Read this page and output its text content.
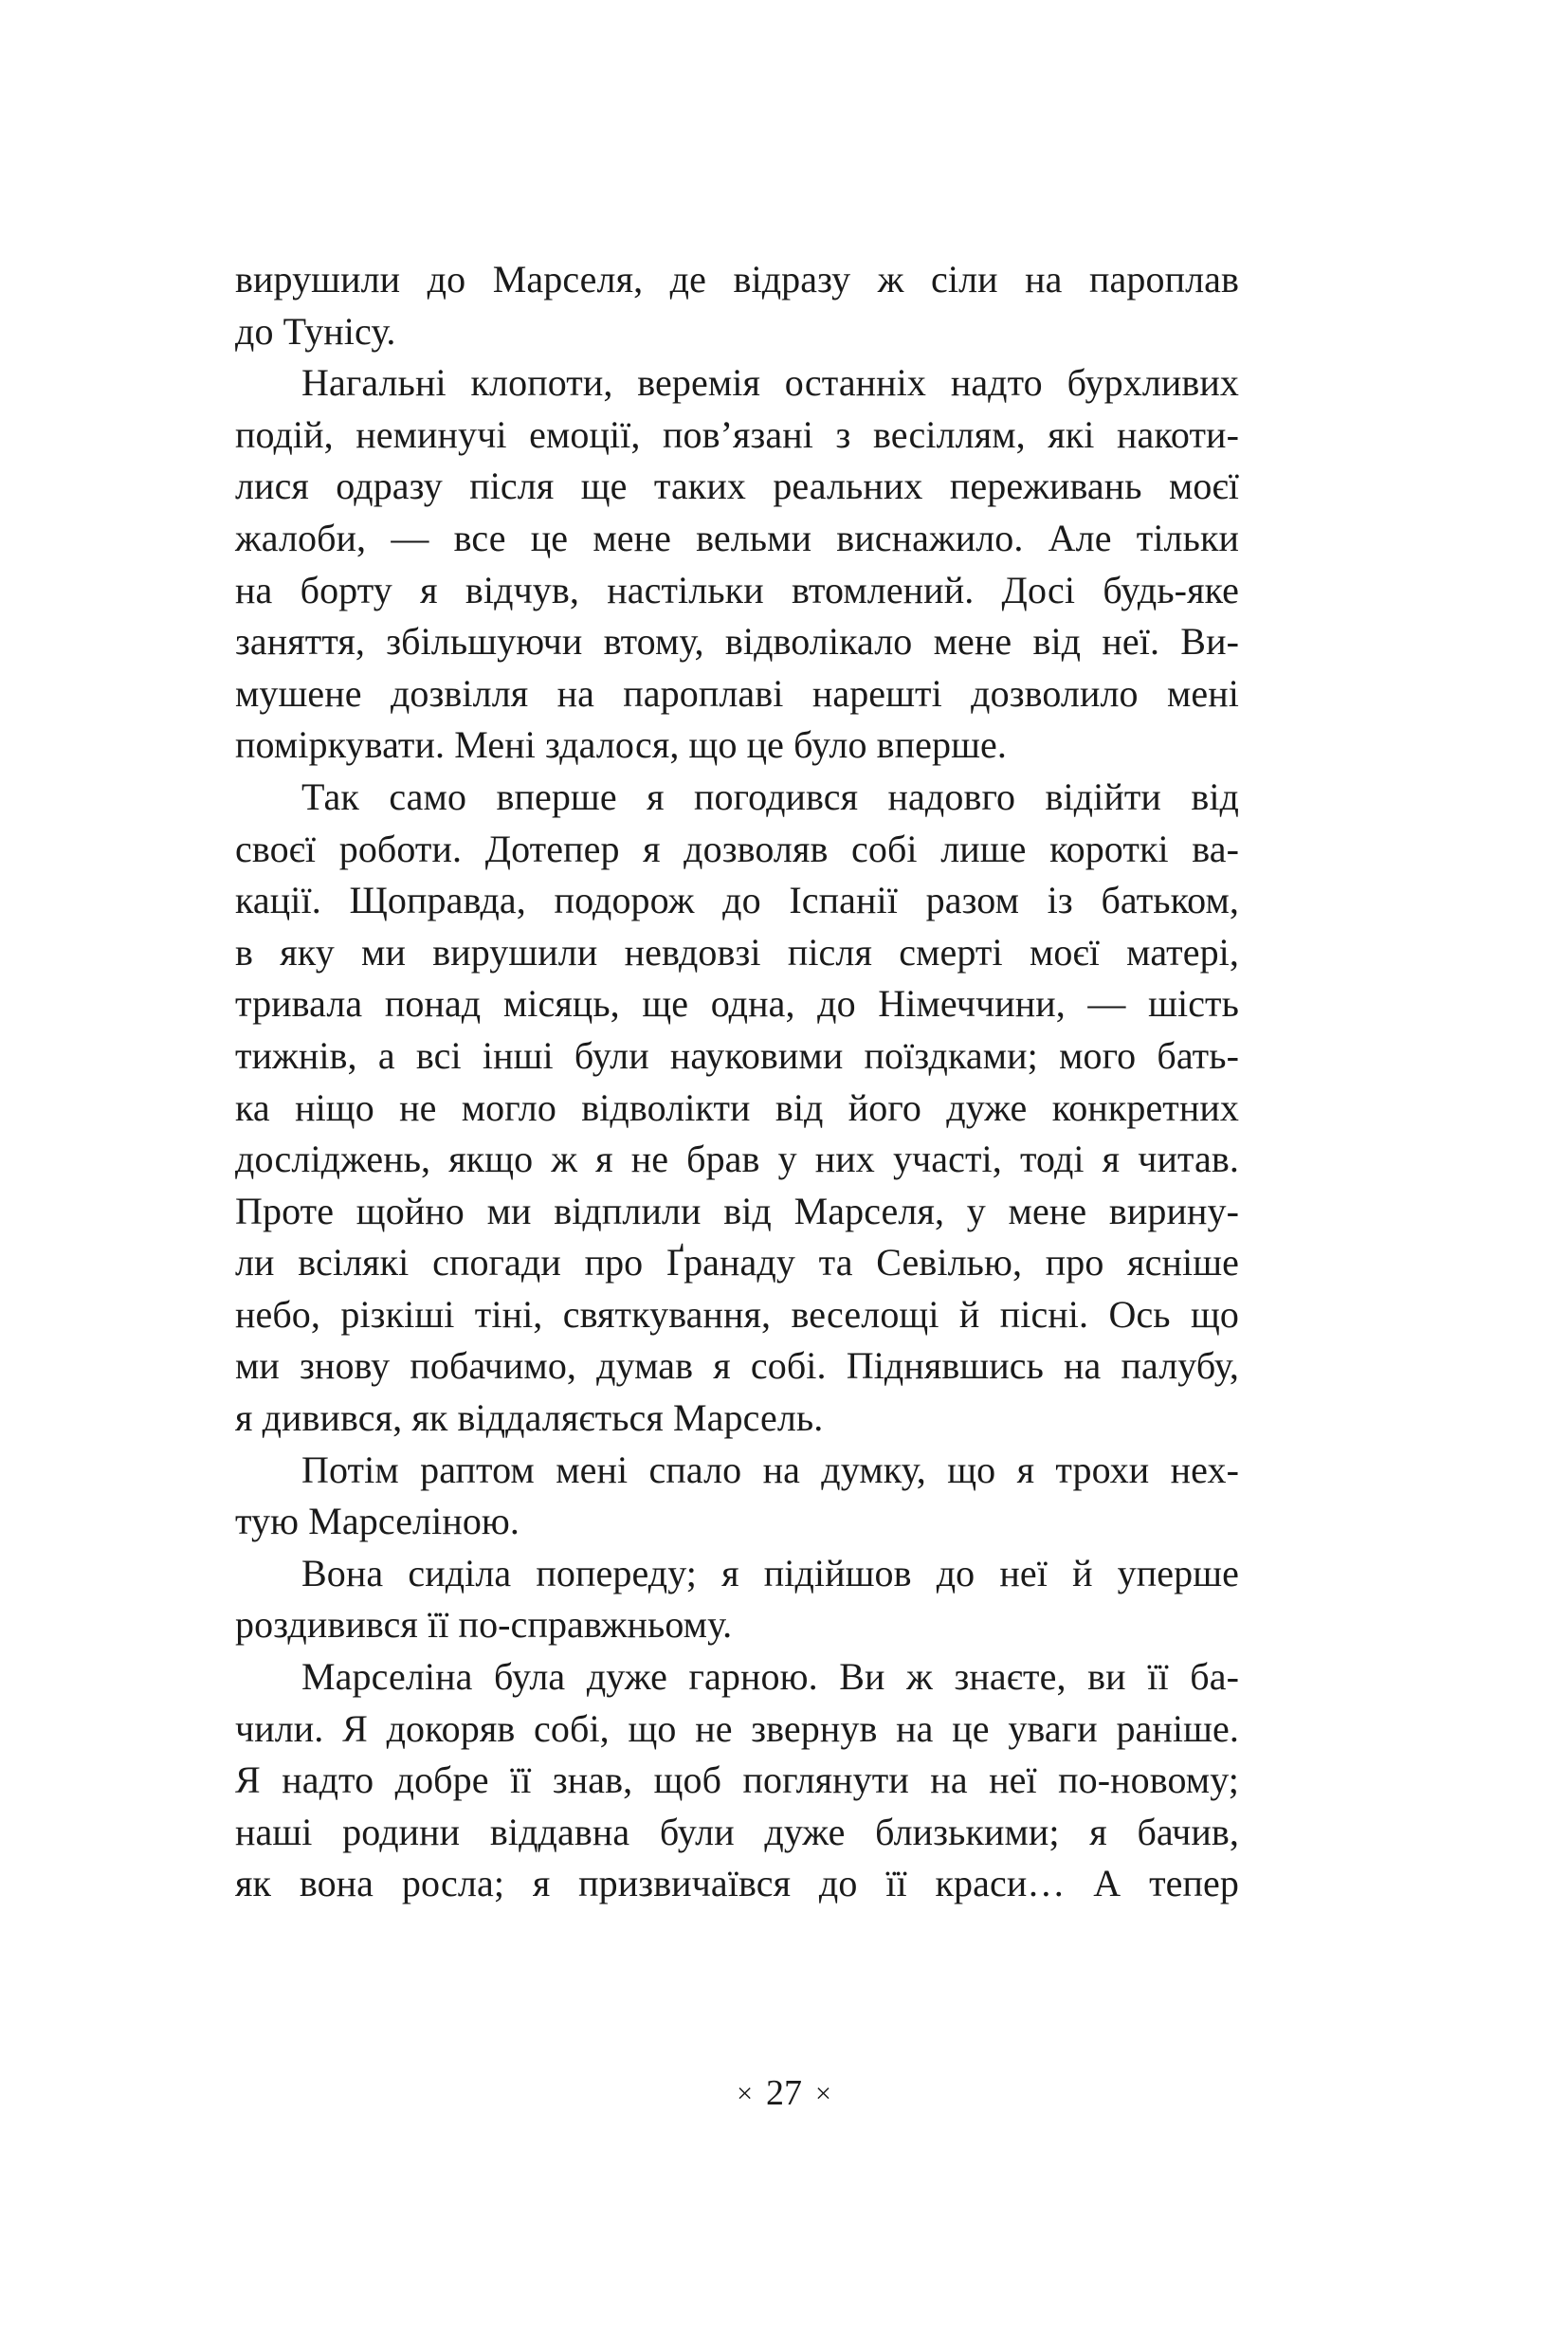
вирушили до Марселя, де відразу ж сіли на пароплав
до Тунісу.
Нагальні клопоти, веремія останніх надто бурхливих
подій, неминучі емоції, пов’язані з весіллям, які накоти-
лися одразу після ще таких реальних переживань моєї
жалоби, — все це мене вельми виснажило. Але тільки
на борту я відчув, настільки втомлений. Досі будь-яке
заняття, збільшуючи втому, відволікало мене від неї. Ви-
мушене дозвілля на пароплаві нарешті дозволило мені
поміркувати. Мені здалося, що це було вперше.
Так само вперше я погодився надовго відійти від
своєї роботи. Дотепер я дозволяв собі лише короткі ва-
кації. Щоправда, подорож до Іспанії разом із батьком,
в яку ми вирушили невдовзі після смерті моєї матері,
тривала понад місяць, ще одна, до Німеччини, — шість
тижнів, а всі інші були науковими поїздками; мого бать-
ка ніщо не могло відволікти від його дуже конкретних
досліджень, якщо ж я не брав у них участі, тоді я читав.
Проте щойно ми відплили від Марселя, у мене вирину-
ли всілякі спогади про Ґранаду та Севілью, про ясніше
небо, різкіші тіні, святкування, веселощі й пісні. Ось що
ми знову побачимо, думав я собі. Піднявшись на палубу,
я дивився, як віддаляється Марсель.
Потім раптом мені спало на думку, що я трохи нех-
тую Марселіною.
Вона сиділа попереду; я підійшов до неї й уперше
роздивився її по-справжньому.
Марселіна була дуже гарною. Ви ж знаєте, ви її ба-
чили. Я докоряв собі, що не звернув на це уваги раніше.
Я надто добре її знав, щоб поглянути на неї по-новому;
наші родини віддавна були дуже близькими; я бачив,
як вона росла; я призвичаївся до її краси… А тепер
× 27 ×
